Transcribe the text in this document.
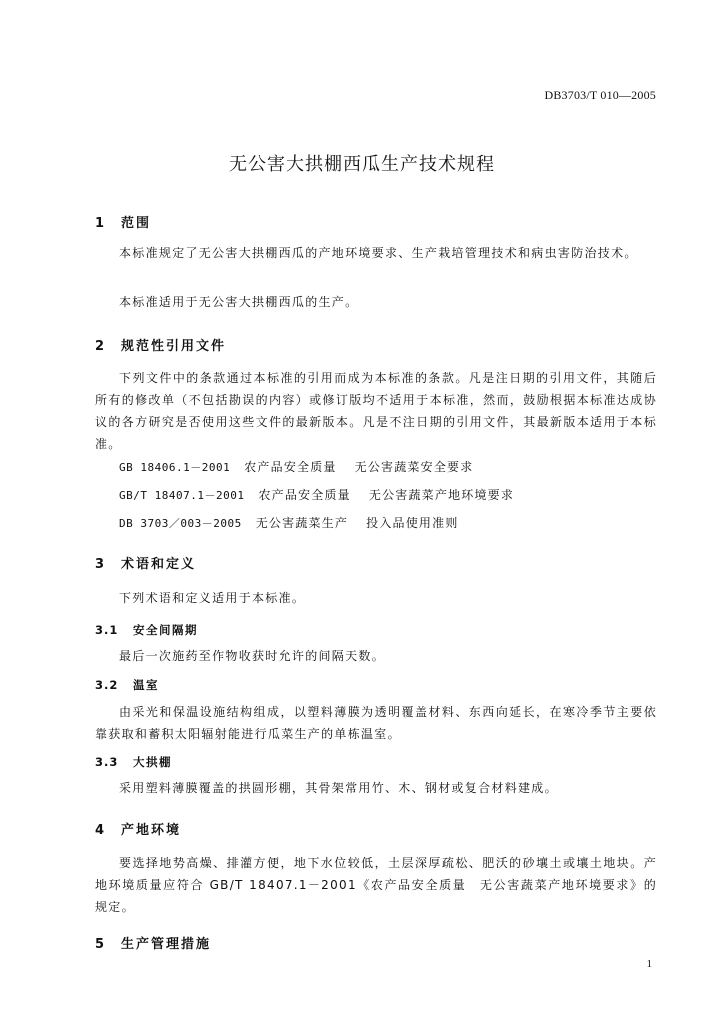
DB3703/T 010—2005
无公害大拱棚西瓜生产技术规程
1 范围
本标准规定了无公害大拱棚西瓜的产地环境要求、生产栽培管理技术和病虫害防治技术。
本标准适用于无公害大拱棚西瓜的生产。
2 规范性引用文件
下列文件中的条款通过本标准的引用而成为本标准的条款。凡是注日期的引用文件，其随后所有的修改单（不包括勘误的内容）或修订版均不适用于本标准，然而，鼓励根据本标准达成协议的各方研究是否使用这些文件的最新版本。凡是不注日期的引用文件，其最新版本适用于本标准。
GB 18406.1－2001 农产品安全质量 无公害蔬菜安全要求
GB/T 18407.1－2001 农产品安全质量 无公害蔬菜产地环境要求
DB 3703／003－2005 无公害蔬菜生产 投入品使用准则
3 术语和定义
下列术语和定义适用于本标准。
3.1 安全间隔期
最后一次施药至作物收获时允许的间隔天数。
3.2 温室
由采光和保温设施结构组成，以塑料薄膜为透明覆盖材料、东西向延长，在寒冷季节主要依靠获取和蓄积太阳辐射能进行瓜菜生产的单栋温室。
3.3 大拱棚
采用塑料薄膜覆盖的拱圆形棚，其骨架常用竹、木、钢材或复合材料建成。
4 产地环境
要选择地势高燥、排灌方便，地下水位较低，土层深厚疏松、肥沃的砂壤土或壤土地块。产地环境质量应符合 GB/T 18407.1－2001《农产品安全质量　无公害蔬菜产地环境要求》的规定。
5 生产管理措施
1
